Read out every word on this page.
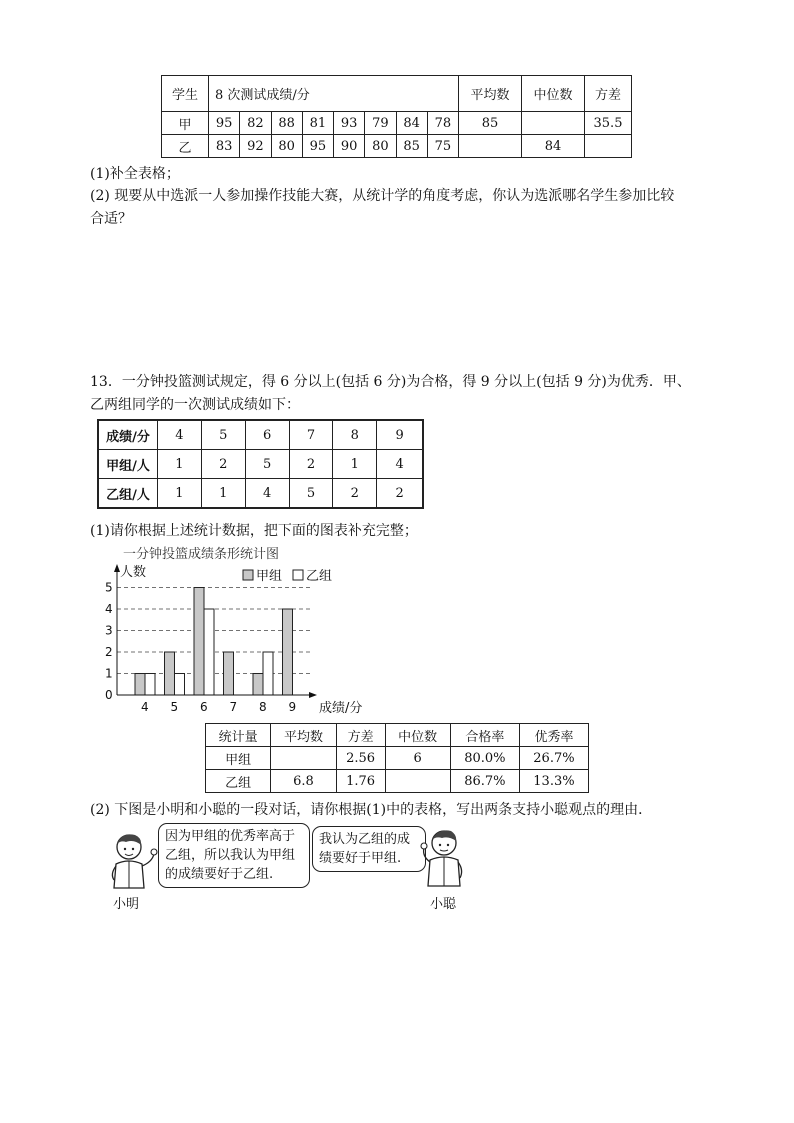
学生	8 次测试成绩/分								平均数	中位数	方差
甲	95	82	88	81	93	79	84	78	85		35.5
乙	83	92	80	95	90	80	85	75		84	
(1)补全表格；
(2) 现要从中选派一人参加操作技能大赛，从统计学的角度考虑，你认为选派哪名学生参加比较
合适？
13．一分钟投篮测试规定，得 6 分以上(包括 6 分)为合格，得 9 分以上(包括 9 分)为优秀．甲、
乙两组同学的一次测试成绩如下：
成绩/分	4	5	6	7	8	9
甲组/人	1	2	5	2	1	4
乙组/人	1	1	4	5	2	2
(1)请你根据上述统计数据，把下面的图表补充完整；
一分钟投篮成绩条形统计图
甲组 乙组
0
1
2
3
4
5
4 5 6 7 8 9
人数
成绩/分
统计量	平均数	方差	中位数	合格率	优秀率
甲组		2.56	6	80.0%	26.7%
乙组	6.8	1.76		86.7%	13.3%
(2) 下图是小明和小聪的一段对话，请你根据(1)中的表格，写出两条支持小聪观点的理由．
小明
因为甲组的优秀率高于
乙组，所以我认为甲组
的成绩要好于乙组.
我认为乙组的成
绩要好于甲组.
小聪
